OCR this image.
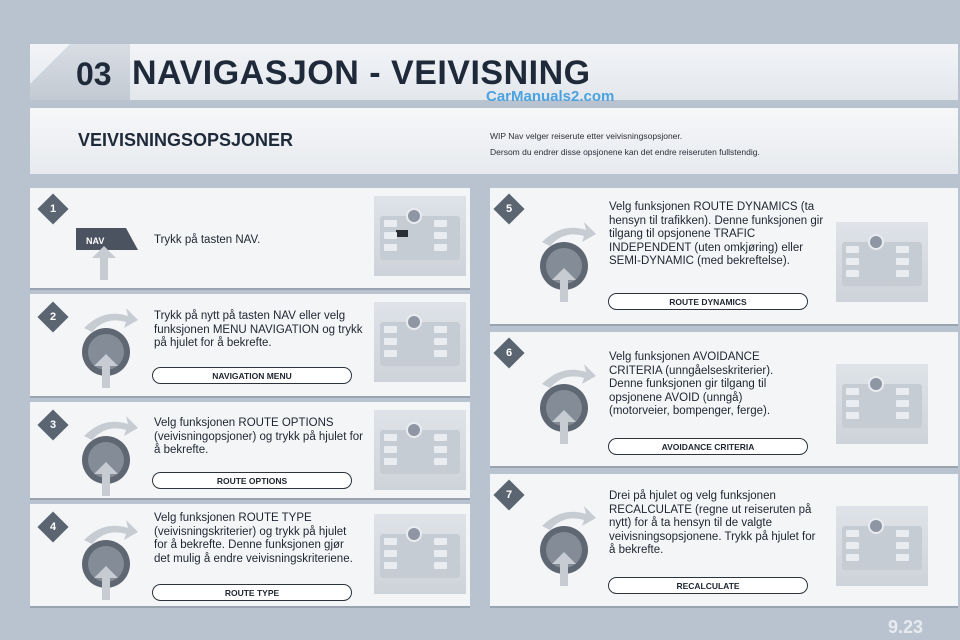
03 NAVIGASJON - VEIVISNING
CarManuals2.com
VEIVISNINGSOPSJONER	WIP Nav velger reiserute etter veivisningsopsjoner.
Dersom du endrer disse opsjonene kan det endre reiseruten fullstendig.
1
NAV	Trykk på tasten NAV.
2	Trykk på nytt på tasten NAV eller velg funksjonen MENU NAVIGATION og trykk på hjulet for å bekrefte.
NAVIGATION MENU
3	Velg funksjonen ROUTE OPTIONS (veivisningopsjoner) og trykk på hjulet for å bekrefte.
ROUTE OPTIONS
4
Velg funksjonen ROUTE TYPE (veivisningskriterier) og trykk på hjulet for å bekrefte. Denne funksjonen gjør det mulig å endre veivisningskriteriene.
ROUTE TYPE
5	Velg funksjonen ROUTE DYNAMICS (ta hensyn til trafikken). Denne funksjonen gir tilgang til opsjonene TRAFIC INDEPENDENT (uten omkjøring) eller SEMI-DYNAMIC (med bekreftelse).
ROUTE DYNAMICS
6	Velg funksjonen AVOIDANCE CRITERIA (unngåelseskriterier). Denne funksjonen gir tilgang til opsjonene AVOID (unngå) (motorveier, bompenger, ferge).
AVOIDANCE CRITERIA
7	Drei på hjulet og velg funksjonen RECALCULATE (regne ut reiseruten på nytt) for å ta hensyn til de valgte veivisningsopsjonene. Trykk på hjulet for å bekrefte.
RECALCULATE
9.23
